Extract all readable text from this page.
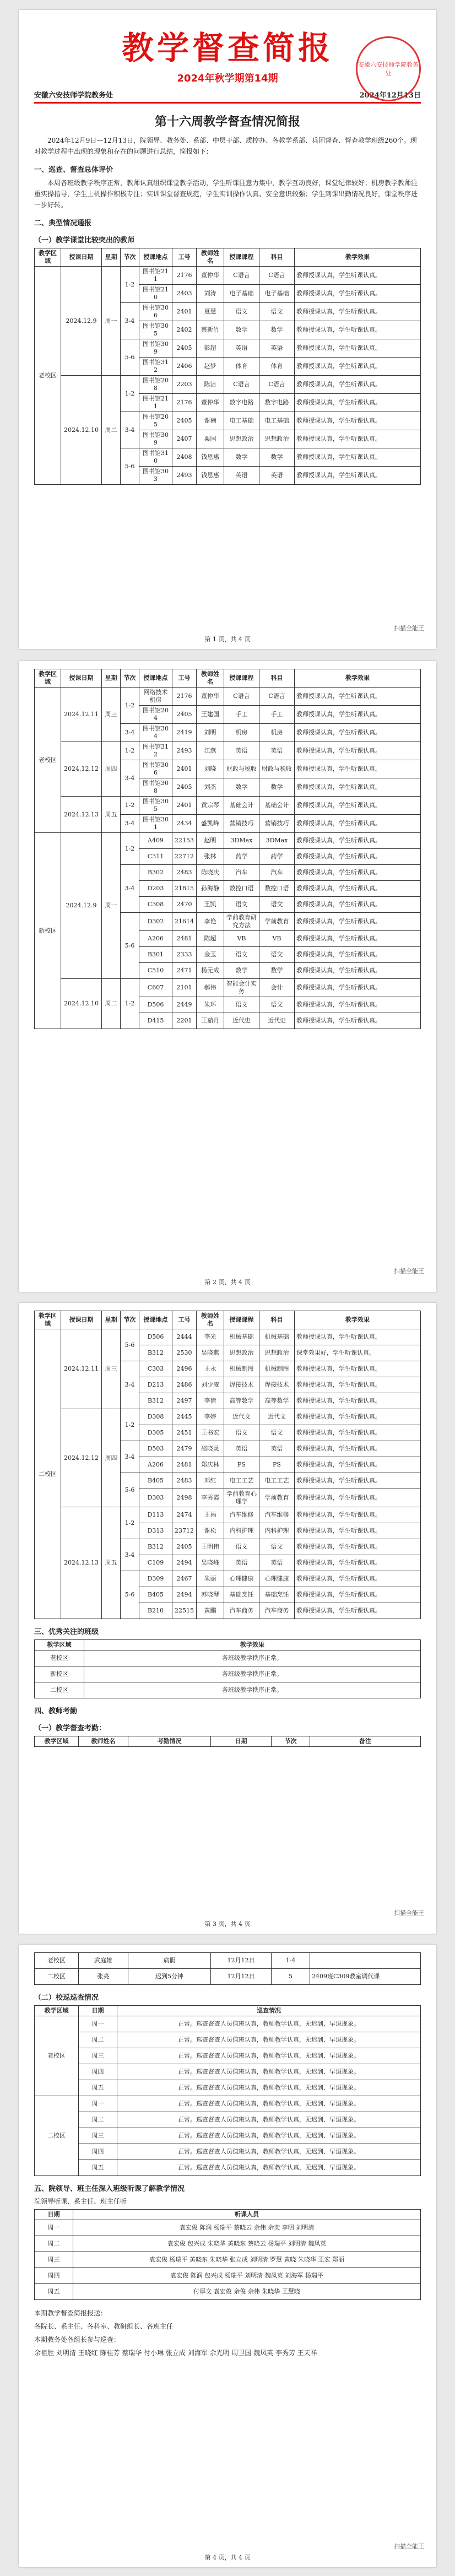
教学督查简报
2024年秋学期第14期
安徽六安技师学院教务处	2024年12月13日
第十六周教学督查情况简报

2024年12月9日—12月13日，院领导、教务处、系部、中层干部、质控办、各教学系部、兵团督查、督查教学班级260个。现对教学过程中出现的现象和存在的问题进行总结，简报如下：

一、巡查、督查总体评价

本周各班级教学秩序正常，教师认真组织课堂教学活动，学生听课注意力集中，教学互动良好，课堂纪律较好；机房教学教师注重实操指导，学生上机操作积极专注；实训课堂督查规范，学生实训操作认真、安全意识较强；学生到课出勤情况良好，课堂秩序进一步好转。

二、典型情况通报
（一）教学课堂比较突出的教师
教学区域	授课日期	星期	节次	授课地点	工号	教师姓名	授课课程	科目	教学效果
老校区	2024.12.9	周一	1-2	图书馆211	2176	董仲华	C语言	C语言	教师授课认真，学生听课认真。
				图书馆210	2403	刘涛	电子基础	电子基础	教师授课认真，学生听课认真。
			3-4	图书馆306	2401	夏慧	语文	语文	教师授课认真，学生听课认真。
				图书馆305	2402	蔡新竹	数学	数学	教师授课认真，学生听课认真。
			5-6	图书馆309	2405	彭超	英语	英语	教师授课认真，学生听课认真。
				图书馆312	2406	赵梦	体育	体育	教师授课认真，学生听课认真。
	2024.12.10	周二	1-2	图书馆208	2203	陈洁	C语言	C语言	教师授课认真，学生听课认真。
				图书馆211	2176	董仲华	数字电路	数字电路	教师授课认真，学生听课认真。
			3-4	图书馆205	2405	谢楠	电工基础	电工基础	教师授课认真，学生听课认真。
				图书馆309	2407	栗国	思想政治	思想政治	教师授课认真，学生听课认真。
			5-6	图书馆310	2408	钱恩惠	数学	数学	教师授课认真，学生听课认真。
				图书馆303	2493	钱恩惠	英语	英语	教师授课认真，学生听课认真。
安徽六安技师学院教务处
扫描全能王
第 1 页，共 4 页
教学区域	授课日期	星期	节次	授课地点	工号	教师姓名	授课课程	科目	教学效果
老校区	2024.12.11	周三	1-2	网络技术机房	2176	董仲华	C语言	C语言	教师授课认真，学生听课认真。
				图书馆204	2405	王建国	手工	手工	教师授课认真，学生听课认真。
			3-4	图书馆304	2419	刘明	机房	机房	教师授课认真，学生听课认真。
	2024.12.12	周四	1-2	图书馆312	2493	江燕	英语	英语	教师授课认真，学生听课认真。
			3-4	图书馆306	2401	刘晓	财政与税收	财政与税收	教师授课认真，学生听课认真。
				图书馆308	2405	刘杰	数学	数学	教师授课认真，学生听课认真。
	2024.12.13	周五	1-2	图书馆305	2401	黄宗琴	基础会计	基础会计	教师授课认真，学生听课认真。
			3-4	图书馆301	2434	盛凯峰	营销技巧	营销技巧	教师授课认真，学生听课认真。
新校区	2024.12.9	周一	1-2	A409	22153	赵明	3DMax	3DMax	教师授课认真，学生听课认真。
				C311	22712	张林	药学	药学	教师授课认真，学生听课认真。
			3-4	B302	2483	陈晓庆	汽车	汽车	教师授课认真，学生听课认真。
				D203	21815	孙海静	数控口语	数控口语	教师授课认真，学生听课认真。
				C308	2470	王凯	语文	语文	教师授课认真，学生听课认真。
			5-6	D302	21614	李艳	学前教育研究方法	学前教育	教师授课认真，学生听课认真。
				A206	2481	陈超	VB	VB	教师授课认真，学生听课认真。
				B301	2333	金玉	语文	语文	教师授课认真，学生听课认真。
				C510	2471	杨元成	数学	数学	教师授课认真，学生听课认真。
	2024.12.10	周二	1-2	C607	2101	郝伟	智能会计实务	会计	教师授课认真，学生听课认真。
				D506	2449	朱环	语文	语文	教师授课认真，学生听课认真。
				D415	2201	王茹月	近代史	近代史	教师授课认真，学生听课认真。
扫描全能王
第 2 页，共 4 页
教学区域	授课日期	星期	节次	授课地点	工号	教师姓名	授课课程	科目	教学效果
二校区	2024.12.11	周三	5-6	D506	2444	李光	机械基础	机械基础	教师授课认真，学生听课认真。
				B312	2530	吴晓燕	思想政治	思想政治	课堂效果好，学生听课认真。
			3-4	C303	2496	王永	机械制图	机械制图	教师授课认真，学生听课认真。
				D213	2486	刘少威	焊接技术	焊接技术	教师授课认真，学生听课认真。
				B312	2497	李倩	高等数学	高等数学	教师授课认真，学生听课认真。
	2024.12.12	周四	1-2	D308	2445	李婷	近代文	近代文	教师授课认真，学生听课认真。
				D305	2451	王书宏	语文	语文	教师授课认真，学生听课认真。
			3-4	D503	2479	邵晓灵	英语	英语	教师授课认真，学生听课认真。
				A206	2481	郑庆林	PS	PS	教师授课认真，学生听课认真。
			5-6	B405	2483	邓红	电工工艺	电工工艺	教师授课认真，学生听课认真。
				D303	2498	李秀霞	学前教育心理学	学前教育	教师授课认真，学生听课认真。
	2024.12.13	周五	1-2	D113	2474	王福	汽车维修	汽车维修	教师授课认真，学生听课认真。
				D313	23712	谢松	内科护理	内科护理	教师授课认真，学生听课认真。
			3-4	B312	2405	王明伟	语文	语文	教师授课认真，学生听课认真。
				C109	2494	吴晓峰	英语	英语	教师授课认真，学生听课认真。
			5-6	D309	2467	朱丽	心理健康	心理健康	教师授课认真，学生听课认真。
				B405	2494	苏晓琴	基础烹饪	基础烹饪	教师授课认真，学生听课认真。
				B210	22515	黄鹏	汽车商务	汽车商务	教师授课认真，学生听课认真。
三、优秀关注的班级
教学区域	教学效果
老校区	各班级教学秩序正常。
新校区	各班级教学秩序正常。
二校区	各班级教学秩序正常。
四、教师考勤
（一）教学督查考勤：
教学区域	教师姓名	考勤情况	日期	节次	备注
扫描全能王
第 3 页，共 4 页
老校区	武庭雄	病假	12月12日	1-4	
二校区	张亮	迟到5分钟	12月12日	5	2409班C309教室调代课
（二）校巡巡查情况
教学区域	日期	巡查情况
老校区	周一	正常。巡查督查人员值班认真，教师教学认真，无迟到、早退现象。
	周二	正常。巡查督查人员值班认真，教师教学认真，无迟到、早退现象。
	周三	正常。巡查督查人员值班认真，教师教学认真，无迟到、早退现象。
	周四	正常。巡查督查人员值班认真，教师教学认真，无迟到、早退现象。
	周五	正常。巡查督查人员值班认真，教师教学认真，无迟到、早退现象。
二校区	周一	正常。巡查督查人员值班认真，教师教学认真，无迟到、早退现象。
	周二	正常。巡查督查人员值班认真，教师教学认真，无迟到、早退现象。
	周三	正常。巡查督查人员值班认真，教师教学认真，无迟到、早退现象。
	周四	正常。巡查督查人员值班认真，教师教学认真，无迟到、早退现象。
	周五	正常。巡查督查人员值班认真，教师教学认真，无迟到、早退现象。
五、院领导、班主任深入班级听课了解教学情况
院领导听课、系主任、班主任听
日期	听课人员
周一	袁宏俊 陈润 杨瑞平 蔡晓云 余伟 余奕 李明 刘明清
周二	袁宏俊 包兴成 朱晓华 黄晓东 蔡晓云 杨瑞平 刘明清 魏凤英
周三	袁宏俊 杨瑞平 黄晓东 朱晓华 张立成 刘明清 罗慧 黄晓 朱晓华 王宏 郑丽
周四	袁宏俊 陈润 包兴成 杨瑞平 刘明清 魏凤英 刘海军 杨瑞平
周五	付厚文 袁宏俊 余俊 余伟 朱晓华 王慧晓

本期教学督查简报报送：

各院长、系主任、各科室、教研组长、各班主任

本期教务处各组长参与巡查：

余祖胜 刘明清 王晓红 陈桂芳 蔡瑞华 付小琳 张立成 刘海军 余光明 周卫国 魏凤英 李秀芳 王天祥

扫描全能王
第 4 页，共 4 页
